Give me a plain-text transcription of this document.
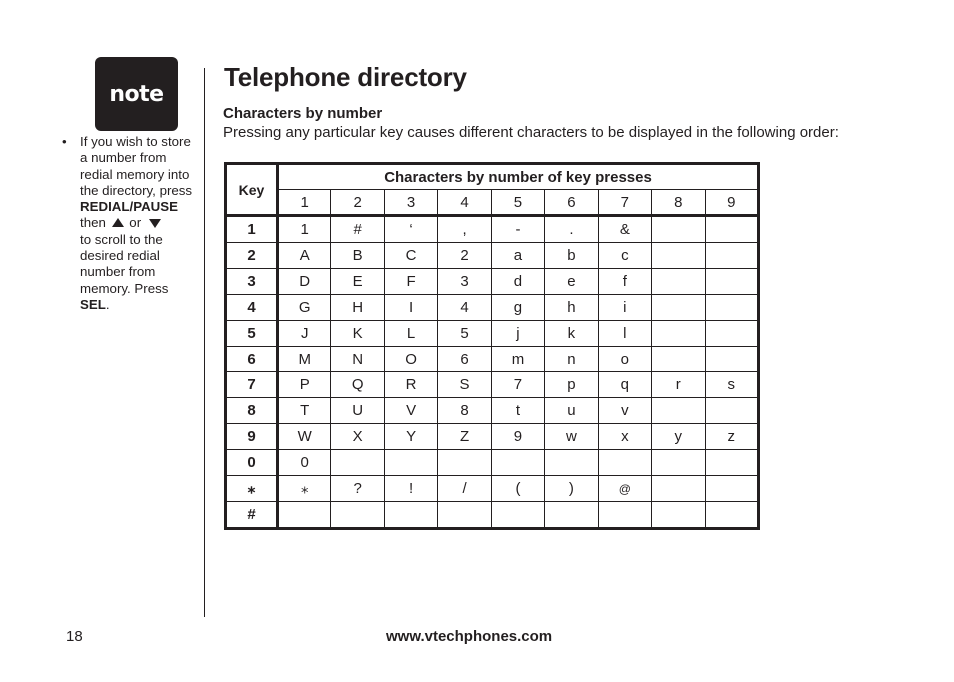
note
• If you wish to store a number from redial memory into the directory, press
REDIAL/PAUSE
then or
to scroll to the desired redial number from memory. Press SEL.
Telephone directory
Characters by number

Pressing any particular key causes different characters to be displayed in the following order:

Key	Characters by number of key presses								
	1	2	3	4	5	6	7	8	9
1	1	#	‘	,	-	.	&		
2	A	B	C	2	a	b	c		
3	D	E	F	3	d	e	f		
4	G	H	I	4	g	h	i		
5	J	K	L	5	j	k	l		
6	M	N	O	6	m	n	o		
7	P	Q	R	S	7	p	q	r	s
8	T	U	V	8	t	u	v		
9	W	X	Y	Z	9	w	x	y	z
0	0								
⁎	⁎	?	!	/	(	)	@		
#									
18	www.vtechphones.com
